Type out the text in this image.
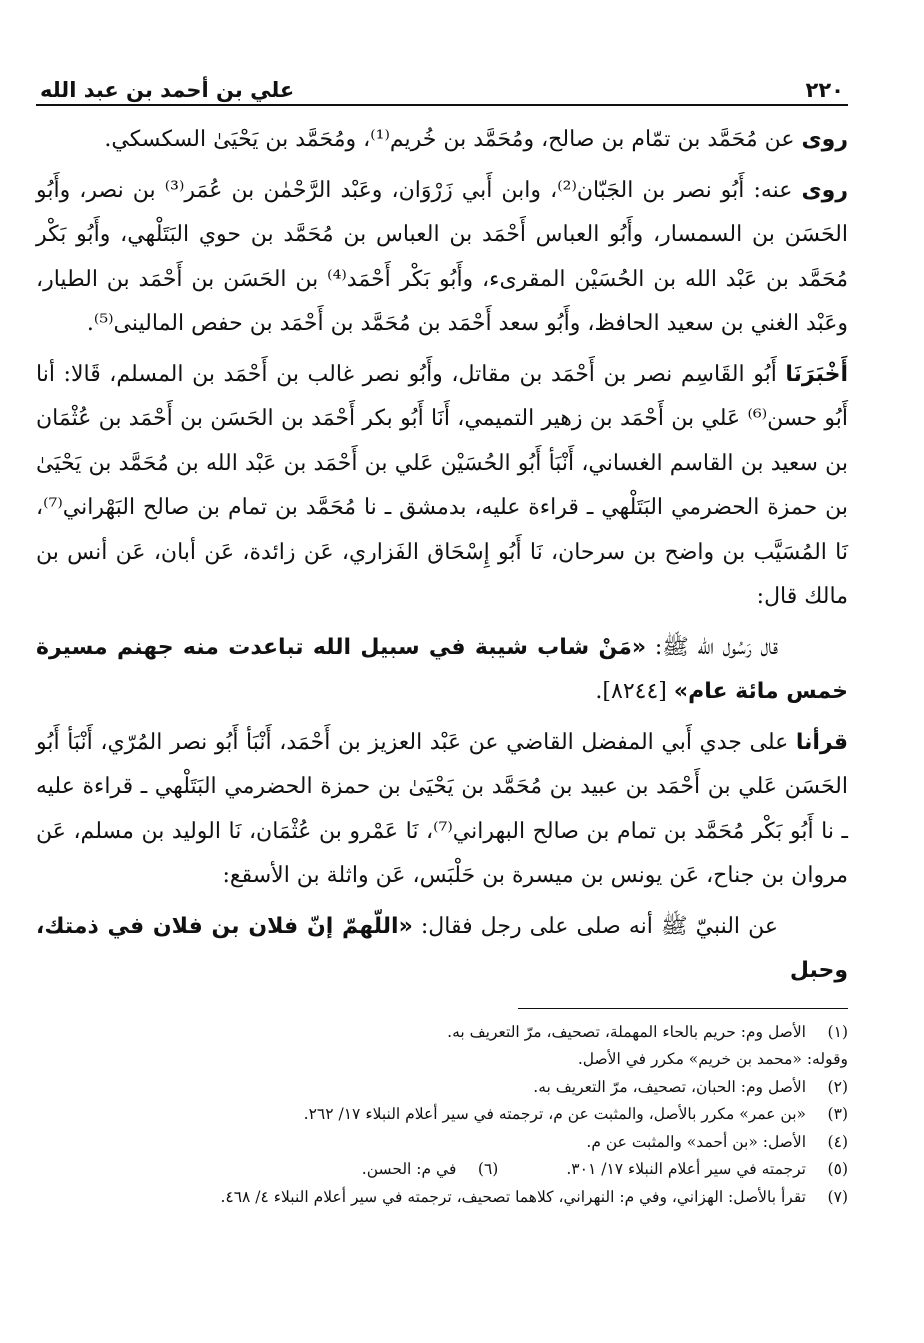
٢٢٠
علي بن أحمد بن عبد الله

روى عن مُحَمَّد بن تمّام بن صالح، ومُحَمَّد بن خُريم⁽¹⁾، ومُحَمَّد بن يَحْيَىٰ السكسكي.

روى عنه: أَبُو نصر بن الجَبّان⁽²⁾، وابن أَبي زَرْوَان، وعَبْد الرَّحْمٰن بن عُمَر⁽³⁾ بن نصر، وأَبُو الحَسَن بن السمسار، وأَبُو العباس أَحْمَد بن العباس بن مُحَمَّد بن حوي البَتَلْهي، وأَبُو بَكْر مُحَمَّد بن عَبْد الله بن الحُسَيْن المقرىء، وأَبُو بَكْر أَحْمَد⁽⁴⁾ بن الحَسَن بن أَحْمَد بن الطيار، وعَبْد الغني بن سعيد الحافظ، وأَبُو سعد أَحْمَد بن مُحَمَّد بن أَحْمَد بن حفص المالينى⁽⁵⁾.

أَخْبَرَنَا أَبُو القَاسِم نصر بن أَحْمَد بن مقاتل، وأَبُو نصر غالب بن أَحْمَد بن المسلم، قَالا: أنا أَبُو حسن⁽⁶⁾ عَلي بن أَحْمَد بن زهير التميمي، أَنَا أَبُو بكر أَحْمَد بن الحَسَن بن أَحْمَد بن عُثْمَان بن سعيد بن القاسم الغساني، أَنْبَأ أَبُو الحُسَيْن عَلي بن أَحْمَد بن عَبْد الله بن مُحَمَّد بن يَحْيَىٰ بن حمزة الحضرمي البَتَلْهي ـ قراءة عليه، بدمشق ـ نا مُحَمَّد بن تمام بن صالح البَهْراني⁽⁷⁾، نَا المُسَيَّب بن واضح بن سرحان، نَا أَبُو إِسْحَاق الفَزاري، عَن زائدة، عَن أبان، عَن أنس بن مالك قال:

قال رَسُول الله ﷺ: «مَنْ شاب شيبة في سبيل الله تباعدت منه جهنم مسيرة خمس مائة عام» [٨٢٤٤].

قرأنا على جدي أَبي المفضل القاضي عن عَبْد العزيز بن أَحْمَد، أَنْبَأ أَبُو نصر المُرّي، أَنْبَأ أَبُو الحَسَن عَلي بن أَحْمَد بن عبيد بن مُحَمَّد بن يَحْيَىٰ بن حمزة الحضرمي البَتَلْهي ـ قراءة عليه ـ نا أَبُو بَكْر مُحَمَّد بن تمام بن صالح البهراني⁽⁷⁾، نَا عَمْرو بن عُثْمَان، نَا الوليد بن مسلم، عَن مروان بن جناح، عَن يونس بن ميسرة بن حَلْبَس، عَن واثلة بن الأسقع:

عن النبيّ ﷺ أنه صلى على رجل فقال: «اللّهمّ إنّ فلان بن فلان في ذمتك، وحبل

(١)
الأصل وم: حريم بالحاء المهملة، تصحيف، مرّ التعريف به.
وقوله: «محمد بن خريم» مكرر في الأصل.
(٢)
الأصل وم: الحبان، تصحيف، مرّ التعريف به.
(٣)
«بن عمر» مكرر بالأصل، والمثبت عن م، ترجمته في سير أعلام النبلاء ١٧/ ٢٦٢.
(٤)
الأصل: «بن أحمد» والمثبت عن م.
(٥)
ترجمته في سير أعلام النبلاء ١٧/ ٣٠١.
(٦)
في م: الحسن.
(٧)
تقرأ بالأصل: الهزاني، وفي م: النهراني، كلاهما تصحيف، ترجمته في سير أعلام النبلاء ٤/ ٤٦٨.
